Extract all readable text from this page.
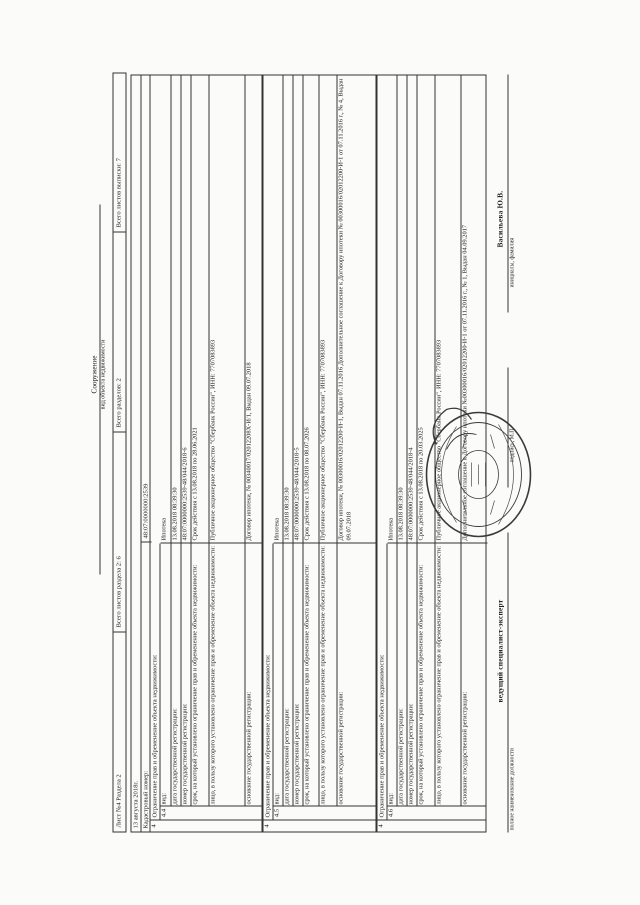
Сооружение вид объекта недвижимости
Лист №4 Раздела 2
Всего листов раздела 2: 6
Всего разделов: 2
Всего листов выписки: 7
13 августа 2018г. Кадастровый номер:
48:07:0000000:2539
4
Ограничение прав и обременение объекта недвижимости: 4.4
вид:
Ипотека
дата государственной регистрации:
13.08.2018 08:39:30
номер государственной регистрации:
48:07:0000000:2539-48/044/2018-6
срок, на который установлено ограничение прав и обременение объекта недвижимости:
Срок действия с 13.08.2018 по 28.06.2021
лицо, в пользу которого установлено ограничение прав и обременение объекта недвижимости:
Публичное акционерное общество "Сбербанк России", ИНН: 7707083893
основание государственной регистрации:
Договор ипотеки, № 00340017/02012208Х-И/1, Выдан 09.07.2018
4
Ограничение прав и обременение объекта недвижимости: 4.5
вид:
Ипотека
дата государственной регистрации:
13.08.2018 08:39:30
номер государственной регистрации:
48:07:0000000:2539-48/044/2018-5
срок, на который установлено ограничение прав и обременение объекта недвижимости:
Срок действия с 13.08.2018 по 08.07.2026
лицо, в пользу которого установлено ограничение прав и обременение объекта недвижимости:
Публичное акционерное общество "Сбербанк России", ИНН: 7707083893
основание государственной регистрации:
Договор ипотеки, № 00300016/02012200-И-1, Выдан 07.11.2016 Дополнительное соглашение к Договору ипотеки № 00300016/02012200-И-1 от 07.11.2016 г., № 4, Выдан 09.07.2018
4
Ограничение прав и обременение объекта недвижимости: 4.6
вид:
Ипотека
дата государственной регистрации:
13.08.2018 08:39:30
номер государственной регистрации:
48:07:0000000:2539-48/044/2018-4
срок, на который установлено ограничение прав и обременение объекта недвижимости:
Срок действия с 13.08.2018 по 20.03.2025
лицо, в пользу которого установлено ограничение прав и обременение объекта недвижимости:
Публичное акционерное общество "Сбербанк России", ИНН: 7707083893
основание государственной регистрации:
Дополнительное соглашение к Договору ипотеки №00300016/02012200-И-1 от 07.11.2016 г., № 1, Выдан 04.09.2017
ведущий специалист-эксперт
полное наименование должности
подпись, М.П.
Васильева Ю.В.
инициалы, фамилия
